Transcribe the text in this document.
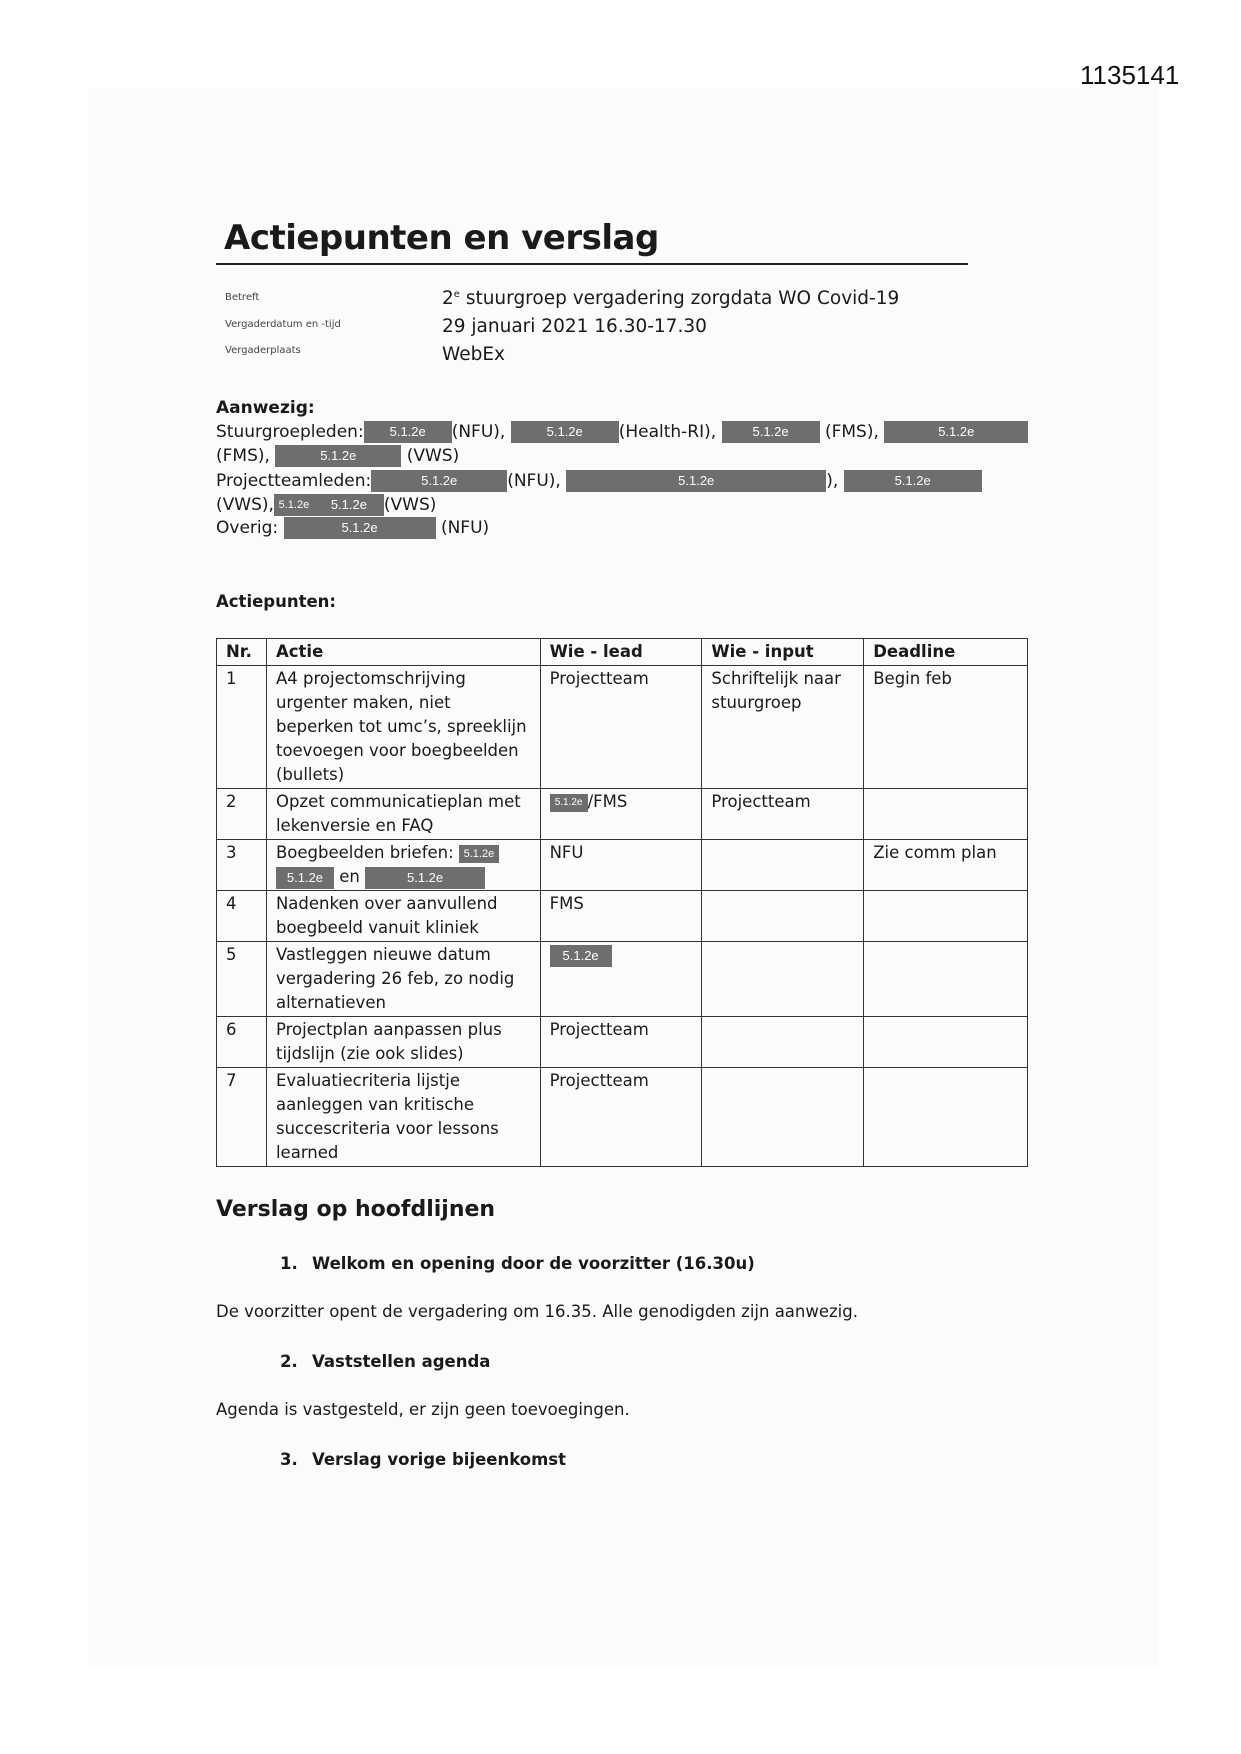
1135141
Actiepunten en verslag
Betreft	2e stuurgroep vergadering zorgdata WO Covid-19
Vergaderdatum en -tijd	29 januari 2021 16.30-17.30
Vergaderplaats	WebEx
Aanwezig:
Stuurgroepleden: 5.1.2e (NFU),	5.1.2e (Health-RI),	5.1.2e (FMS),	5.1.2e
(FMS),	5.1.2e	(VWS)
Projectteamleden:	5.1.2e	(NFU),	5.1.2e	),	5.1.2e
(VWS), 5.1.2e 5.1.2e (VWS)
Overig:	5.1.2e	(NFU)
Actiepunten:
Nr.	Actie	Wie - lead	Wie - input	Deadline
1	A4 projectomschrijving urgenter maken, niet beperken tot umc’s, spreeklijn toevoegen voor boegbeelden (bullets)	Projectteam	Schriftelijk naar stuurgroep	Begin feb
2	Opzet communicatieplan met lekenversie en FAQ	5.1.2e /FMS	Projectteam	
3	Boegbeelden briefen: 5.1.2e
5.1.2e en 5.1.2e	NFU		Zie comm plan
4	Nadenken over aanvullend boegbeeld vanuit kliniek	FMS		
5	Vastleggen nieuwe datum vergadering 26 feb, zo nodig alternatieven	5.1.2e		
6	Projectplan aanpassen plus tijdslijn (zie ook slides)	Projectteam		
7	Evaluatiecriteria lijstje aanleggen van kritische succescriteria voor lessons learned	Projectteam		
Verslag op hoofdlijnen
1. Welkom en opening door de voorzitter (16.30u)
De voorzitter opent de vergadering om 16.35. Alle genodigden zijn aanwezig.
2. Vaststellen agenda
Agenda is vastgesteld, er zijn geen toevoegingen.
3. Verslag vorige bijeenkomst
